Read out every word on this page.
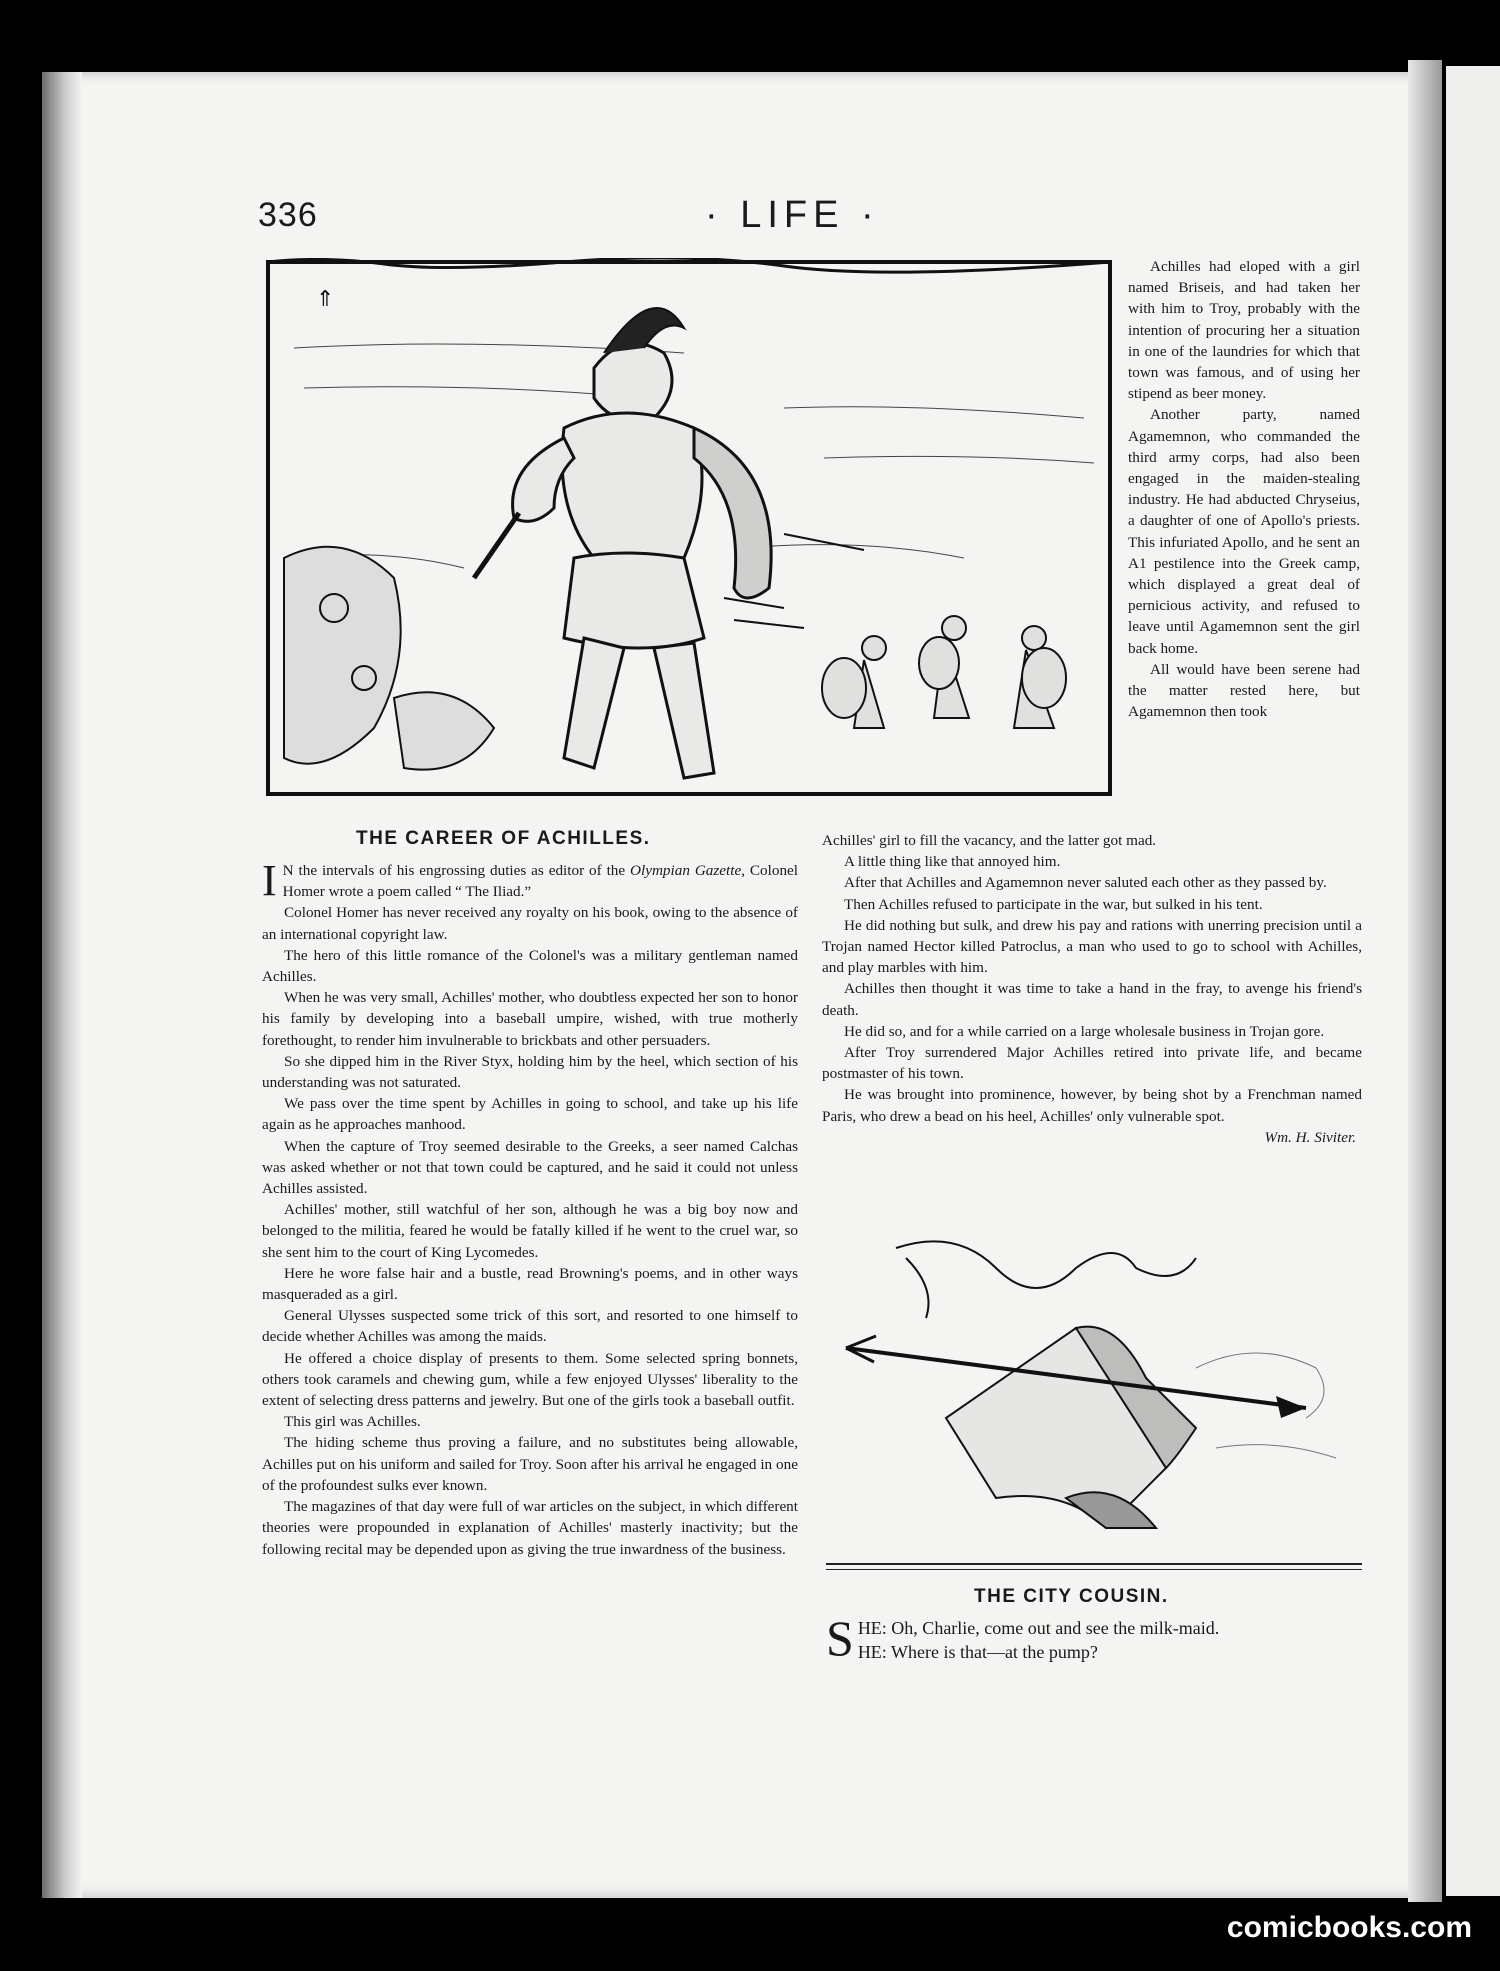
336	· LIFE ·
⇑

Achilles had eloped with a girl named Briseis, and had taken her with him to Troy, probably with the intention of procuring her a situation in one of the laundries for which that town was famous, and of using her stipend as beer money.

Another party, named Agamemnon, who commanded the third army corps, had also been engaged in the maiden-stealing industry. He had abducted Chryseius, a daughter of one of Apollo's priests. This infuriated Apollo, and he sent an A1 pestilence into the Greek camp, which displayed a great deal of pernicious activity, and refused to leave until Agamemnon sent the girl back home.

All would have been serene had the matter rested here, but Agamemnon then took

THE CAREER OF ACHILLES.

I N the intervals of his engrossing duties as editor of the Olympian Gazette, Colonel Homer wrote a poem called “ The Iliad.”

Colonel Homer has never received any royalty on his book, owing to the absence of an international copyright law.

The hero of this little romance of the Colonel's was a military gentleman named Achilles.

When he was very small, Achilles' mother, who doubtless expected her son to honor his family by developing into a baseball umpire, wished, with true motherly forethought, to render him invulnerable to brickbats and other persuaders.

So she dipped him in the River Styx, holding him by the heel, which section of his understanding was not saturated.

We pass over the time spent by Achilles in going to school, and take up his life again as he approaches manhood.

When the capture of Troy seemed desirable to the Greeks, a seer named Calchas was asked whether or not that town could be captured, and he said it could not unless Achilles assisted.

Achilles' mother, still watchful of her son, although he was a big boy now and belonged to the militia, feared he would be fatally killed if he went to the cruel war, so she sent him to the court of King Lycomedes.

Here he wore false hair and a bustle, read Browning's poems, and in other ways masqueraded as a girl.

General Ulysses suspected some trick of this sort, and resorted to one himself to decide whether Achilles was among the maids.

He offered a choice display of presents to them. Some selected spring bonnets, others took caramels and chewing gum, while a few enjoyed Ulysses' liberality to the extent of selecting dress patterns and jewelry. But one of the girls took a baseball outfit.

This girl was Achilles.

The hiding scheme thus proving a failure, and no substitutes being allowable, Achilles put on his uniform and sailed for Troy. Soon after his arrival he engaged in one of the profoundest sulks ever known.

The magazines of that day were full of war articles on the subject, in which different theories were propounded in explanation of Achilles' masterly inactivity; but the following recital may be depended upon as giving the true inwardness of the business.

Achilles' girl to fill the vacancy, and the latter got mad.

A little thing like that annoyed him.

After that Achilles and Agamemnon never saluted each other as they passed by.

Then Achilles refused to participate in the war, but sulked in his tent.

He did nothing but sulk, and drew his pay and rations with unerring precision until a Trojan named Hector killed Patroclus, a man who used to go to school with Achilles, and play marbles with him.

Achilles then thought it was time to take a hand in the fray, to avenge his friend's death.

He did so, and for a while carried on a large wholesale business in Trojan gore.

After Troy surrendered Major Achilles retired into private life, and became postmaster of his town.

He was brought into prominence, however, by being shot by a Frenchman named Paris, who drew a bead on his heel, Achilles' only vulnerable spot.

Wm. H. Siviter.
THE CITY COUSIN.
S HE: Oh, Charlie, come out and see the milk-maid.
HE: Where is that—at the pump?
comicbooks.com
